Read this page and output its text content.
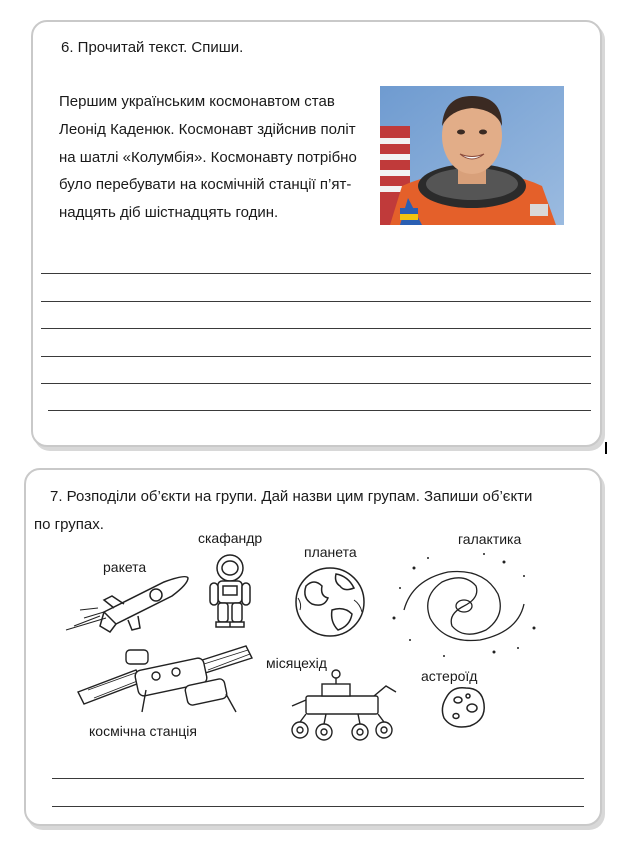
6. Прочитай текст. Спиши.
Першим українським космонавтом став
Леонід Каденюк. Космонавт здійснив політ
на шатлі «Колумбія». Космонавту потрібно
було перебувати на космічній станції п’ят-
надцять діб шістнадцять годин.
7. Розподіли об’єкти на групи. Дай назви цим групам. Запиши об’єкти
по групах.
скафандр	галактика
планета
ракета
місяцехід
астероїд
космічна станція
